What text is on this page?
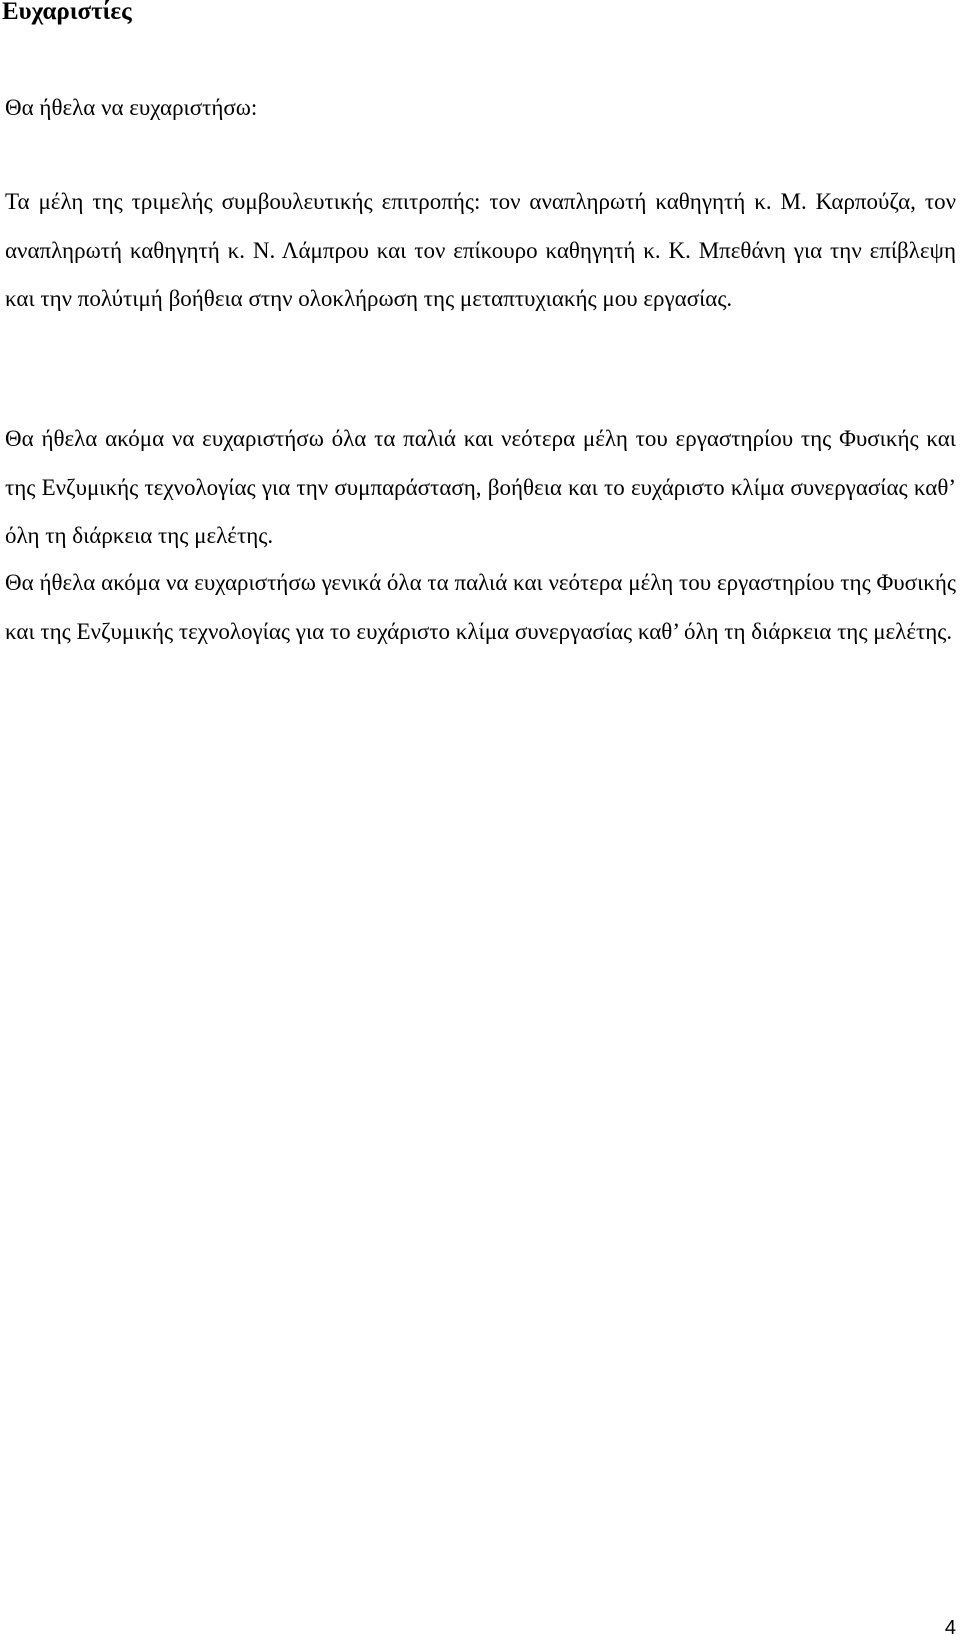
Ευχαριστίες

Θα ήθελα να ευχαριστήσω:

Τα μέλη της τριμελής συμβουλευτικής επιτροπής: τον αναπληρωτή καθηγητή κ. Μ. Καρπούζα, τον αναπληρωτή καθηγητή κ. Ν. Λάμπρου και τον επίκουρο καθηγητή κ. Κ. Μπεθάνη για την επίβλεψη και την πολύτιμή βοήθεια στην ολοκλήρωση της μεταπτυχιακής μου εργασίας.

Θα ήθελα ακόμα να ευχαριστήσω όλα τα παλιά και νεότερα μέλη του εργαστηρίου της Φυσικής και της Ενζυμικής τεχνολογίας για την συμπαράσταση, βοήθεια και το ευχάριστο κλίμα συνεργασίας καθ’ όλη τη διάρκεια της μελέτης.

Θα ήθελα ακόμα να ευχαριστήσω γενικά όλα τα παλιά και νεότερα μέλη του εργαστηρίου της Φυσικής και της Ενζυμικής τεχνολογίας για το ευχάριστο κλίμα συνεργασίας καθ’ όλη τη διάρκεια της μελέτης.

4
